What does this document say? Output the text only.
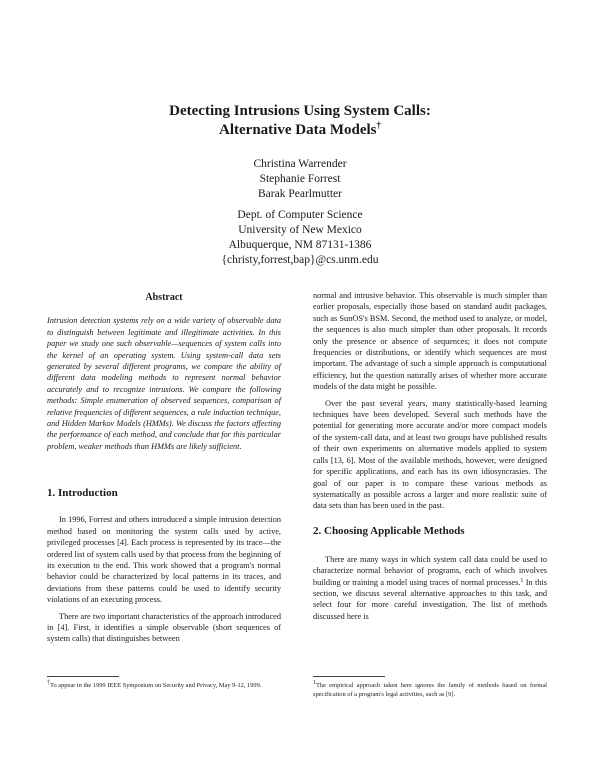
Detecting Intrusions Using System Calls:
Alternative Data Models†
Christina Warrender
Stephanie Forrest
Barak Pearlmutter
Dept. of Computer Science
University of New Mexico
Albuquerque, NM 87131-1386
{christy,forrest,bap}@cs.unm.edu
Abstract

Intrusion detection systems rely on a wide variety of observable data to distinguish between legitimate and illegitimate activities. In this paper we study one such observable—sequences of system calls into the kernel of an operating system. Using system-call data sets generated by several different programs, we compare the ability of different data modeling methods to represent normal behavior accurately and to recognize intrusions. We compare the following methods: Simple enumeration of observed sequences, comparison of relative frequencies of different sequences, a rule induction technique, and Hidden Markov Models (HMMs). We discuss the factors affecting the performance of each method, and conclude that for this particular problem, weaker methods than HMMs are likely sufficient.

1. Introduction

In 1996, Forrest and others introduced a simple intrusion detection method based on monitoring the system calls used by active, privileged processes [4]. Each process is represented by its trace—the ordered list of system calls used by that process from the beginning of its execution to the end. This work showed that a program's normal behavior could be characterized by local patterns in its traces, and deviations from these patterns could be used to identify security violations of an executing process.

There are two important characteristics of the approach introduced in [4]. First, it identifies a simple observable (short sequences of system calls) that distinguishes between

normal and intrusive behavior. This observable is much simpler than earlier proposals, especially those based on standard audit packages, such as SunOS's BSM. Second, the method used to analyze, or model, the sequences is also much simpler than other proposals. It records only the presence or absence of sequences; it does not compute frequencies or distributions, or identify which sequences are most important. The advantage of such a simple approach is computational efficiency, but the question naturally arises of whether more accurate models of the data might be possible.

Over the past several years, many statistically-based learning techniques have been developed. Several such methods have the potential for generating more accurate and/or more compact models of the system-call data, and at least two groups have published results of their own experiments on alternative models applied to system calls [13, 6]. Most of the available methods, however, were designed for specific applications, and each has its own idiosyncrasies. The goal of our paper is to compare these various methods as systematically as possible across a larger and more realistic suite of data sets than has been used in the past.

2. Choosing Applicable Methods

There are many ways in which system call data could be used to characterize normal behavior of programs, each of which involves building or training a model using traces of normal processes.$^1$ In this section, we discuss several alternative approaches to this task, and select four for more careful investigation. The list of methods discussed here is

†To appear in the 1999 IEEE Symposium on Security and Privacy, May 9-12, 1999.	$^1$The empirical approach taken here ignores the family of methods based on formal specification of a program's legal activities, such as [9].
